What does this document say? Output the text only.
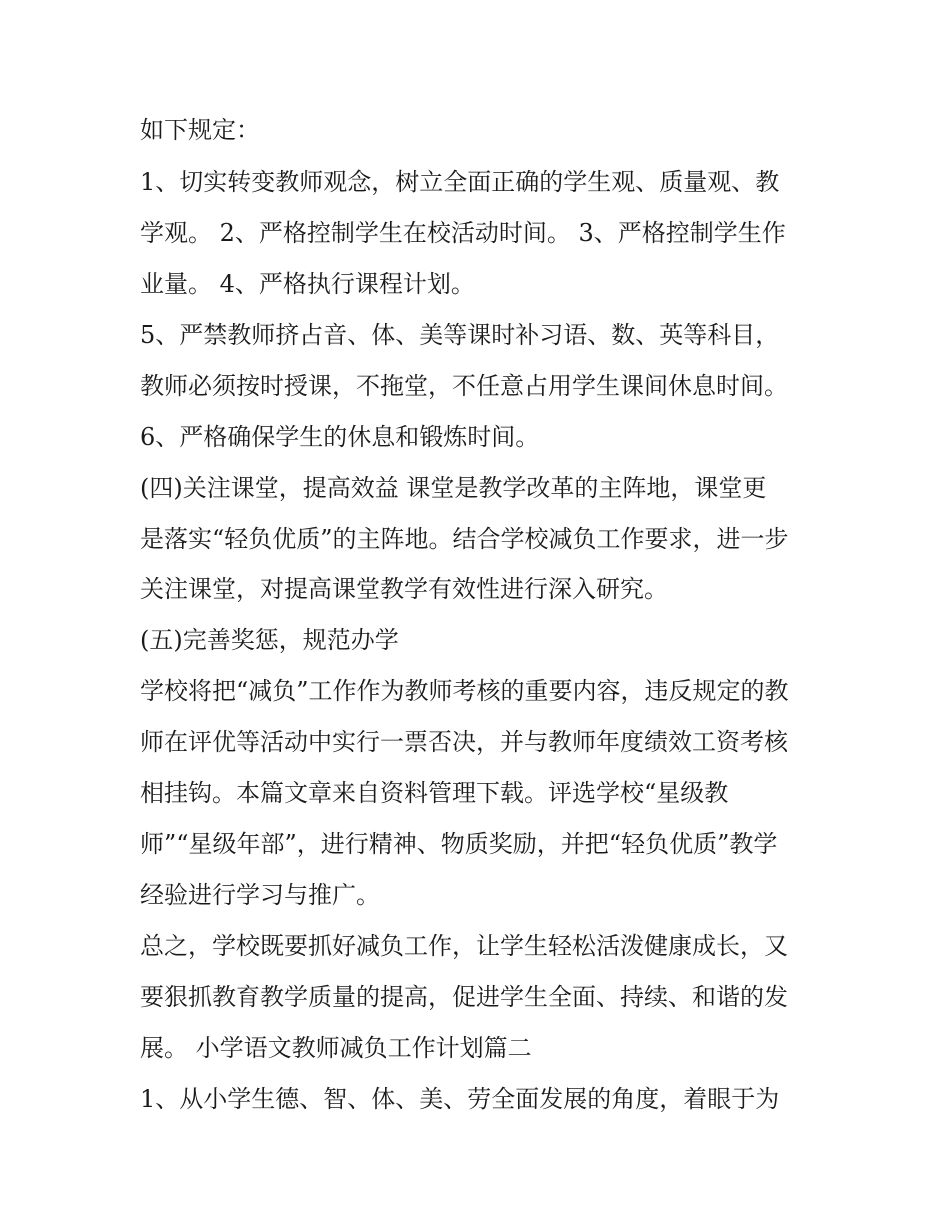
如下规定：
1、切实转变教师观念，树立全面正确的学生观、质量观、教
学观。 2、严格控制学生在校活动时间。 3、严格控制学生作
业量。 4、严格执行课程计划。
5、严禁教师挤占音、体、美等课时补习语、数、英等科目，
教师必须按时授课，不拖堂，不任意占用学生课间休息时间。
6、严格确保学生的休息和锻炼时间。
(四)关注课堂，提高效益 课堂是教学改革的主阵地，课堂更
是落实“轻负优质”的主阵地。结合学校减负工作要求，进一步
关注课堂，对提高课堂教学有效性进行深入研究。
(五)完善奖惩，规范办学
学校将把“减负”工作作为教师考核的重要内容，违反规定的教
师在评优等活动中实行一票否决，并与教师年度绩效工资考核
相挂钩。本篇文章来自资料管理下载。评选学校“星级教
师”“星级年部”，进行精神、物质奖励，并把“轻负优质”教学
经验进行学习与推广。
总之，学校既要抓好减负工作，让学生轻松活泼健康成长，又
要狠抓教育教学质量的提高，促进学生全面、持续、和谐的发
展。 小学语文教师减负工作计划篇二
1、从小学生德、智、体、美、劳全面发展的角度，着眼于为
